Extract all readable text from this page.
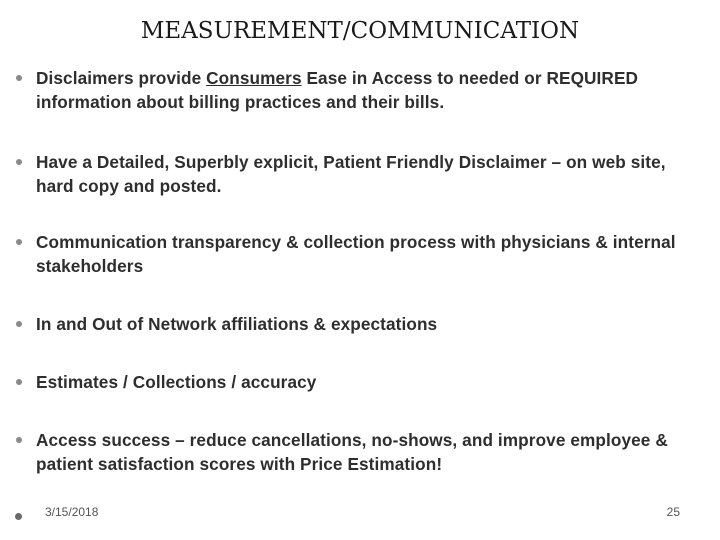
MEASUREMENT/COMMUNICATION
Disclaimers provide Consumers Ease in Access to needed or REQUIRED information about billing practices and their bills.
Have a Detailed, Superbly explicit, Patient Friendly Disclaimer – on web site, hard copy and posted.
Communication transparency & collection process with physicians & internal stakeholders
In and Out of Network affiliations & expectations
Estimates / Collections / accuracy
Access success – reduce cancellations, no-shows, and improve employee & patient satisfaction scores with Price Estimation!
3/15/2018	25
